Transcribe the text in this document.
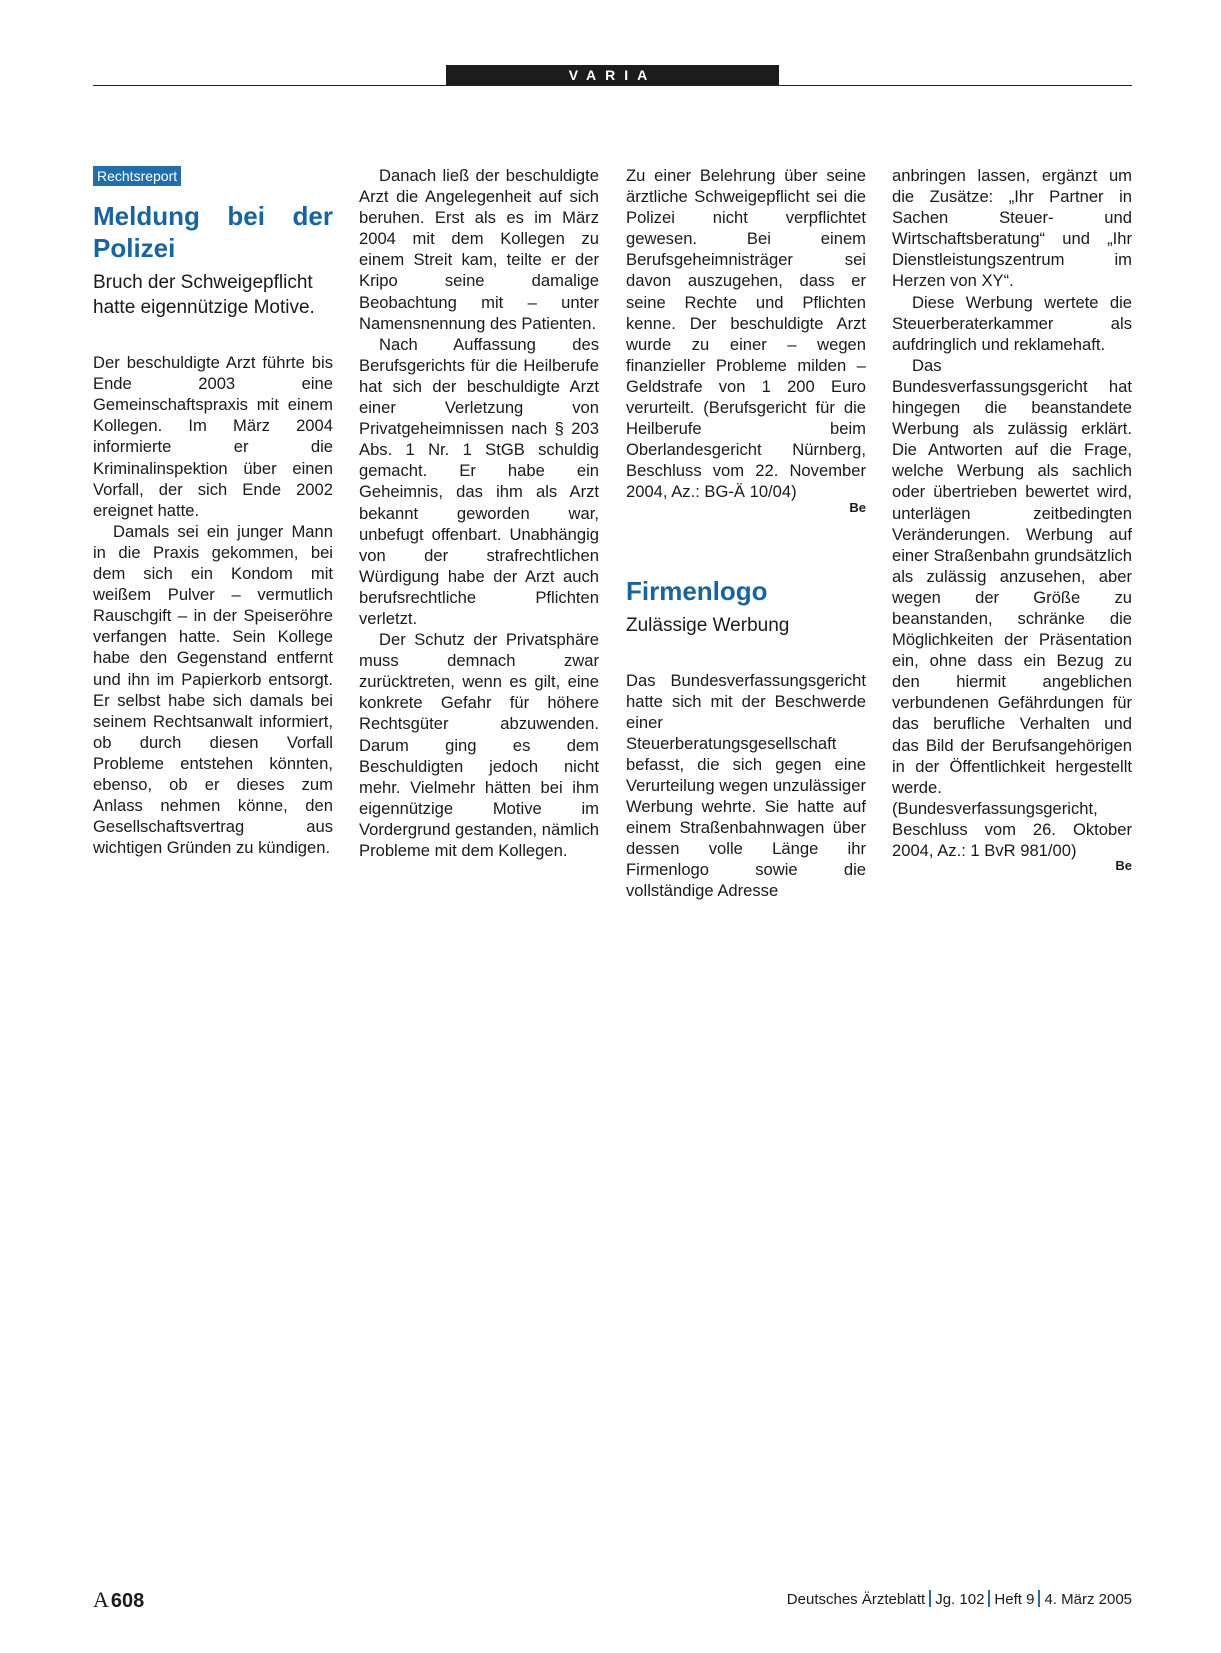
VARIA
Rechtsreport
Meldung bei der Polizei
Bruch der Schweigepflicht hatte eigennützige Motive.

Der beschuldigte Arzt führte bis Ende 2003 eine Gemeinschaftspraxis mit einem Kollegen. Im März 2004 informierte er die Kriminalinspektion über einen Vorfall, der sich Ende 2002 ereignet hatte.

Damals sei ein junger Mann in die Praxis gekommen, bei dem sich ein Kondom mit weißem Pulver – vermutlich Rauschgift – in der Speiseröhre verfangen hatte. Sein Kollege habe den Gegenstand entfernt und ihn im Papierkorb entsorgt. Er selbst habe sich damals bei seinem Rechtsanwalt informiert, ob durch diesen Vorfall Probleme entstehen könnten, ebenso, ob er dieses zum Anlass nehmen könne, den Gesellschaftsvertrag aus wichtigen Gründen zu kündigen.

Danach ließ der beschuldigte Arzt die Angelegenheit auf sich beruhen. Erst als es im März 2004 mit dem Kollegen zu einem Streit kam, teilte er der Kripo seine damalige Beobachtung mit – unter Namensnennung des Patienten.

Nach Auffassung des Berufsgerichts für die Heilberufe hat sich der beschuldigte Arzt einer Verletzung von Privatgeheimnissen nach § 203 Abs. 1 Nr. 1 StGB schuldig gemacht. Er habe ein Geheimnis, das ihm als Arzt bekannt geworden war, unbefugt offenbart. Unabhängig von der strafrechtlichen Würdigung habe der Arzt auch berufsrechtliche Pflichten verletzt.

Der Schutz der Privatsphäre muss demnach zwar zurücktreten, wenn es gilt, eine konkrete Gefahr für höhere Rechtsgüter abzuwenden. Darum ging es dem Beschuldigten jedoch nicht mehr. Vielmehr hätten bei ihm eigennützige Motive im Vordergrund gestanden, nämlich Probleme mit dem Kollegen.

Zu einer Belehrung über seine ärztliche Schweigepflicht sei die Polizei nicht verpflichtet gewesen. Bei einem Berufsgeheimnisträger sei davon auszugehen, dass er seine Rechte und Pflichten kenne. Der beschuldigte Arzt wurde zu einer – wegen finanzieller Probleme milden – Geldstrafe von 1 200 Euro verurteilt. (Berufsgericht für die Heilberufe beim Oberlandesgericht Nürnberg, Beschluss vom 22. November 2004, Az.: BG-Ä 10/04)

Be
Firmenlogo
Zulässige Werbung

Das Bundesverfassungsgericht hatte sich mit der Beschwerde einer Steuerberatungsgesellschaft befasst, die sich gegen eine Verurteilung wegen unzulässiger Werbung wehrte. Sie hatte auf einem Straßenbahnwagen über dessen volle Länge ihr Firmenlogo sowie die vollständige Adresse

anbringen lassen, ergänzt um die Zusätze: „Ihr Partner in Sachen Steuer- und Wirtschaftsberatung“ und „Ihr Dienstleistungszentrum im Herzen von XY“.

Diese Werbung wertete die Steuerberaterkammer als aufdringlich und reklamehaft.

Das Bundesverfassungsgericht hat hingegen die beanstandete Werbung als zulässig erklärt. Die Antworten auf die Frage, welche Werbung als sachlich oder übertrieben bewertet wird, unterlägen zeitbedingten Veränderungen. Werbung auf einer Straßenbahn grundsätzlich als zulässig anzusehen, aber wegen der Größe zu beanstanden, schränke die Möglichkeiten der Präsentation ein, ohne dass ein Bezug zu den hiermit angeblichen verbundenen Gefährdungen für das berufliche Verhalten und das Bild der Berufsangehörigen in der Öffentlichkeit hergestellt werde. (Bundesverfassungsgericht, Beschluss vom 26. Oktober 2004, Az.: 1 BvR 981/00)

Be
A 608	Deutsches Ärzteblatt Jg. 102 Heft 9 4. März 2005
